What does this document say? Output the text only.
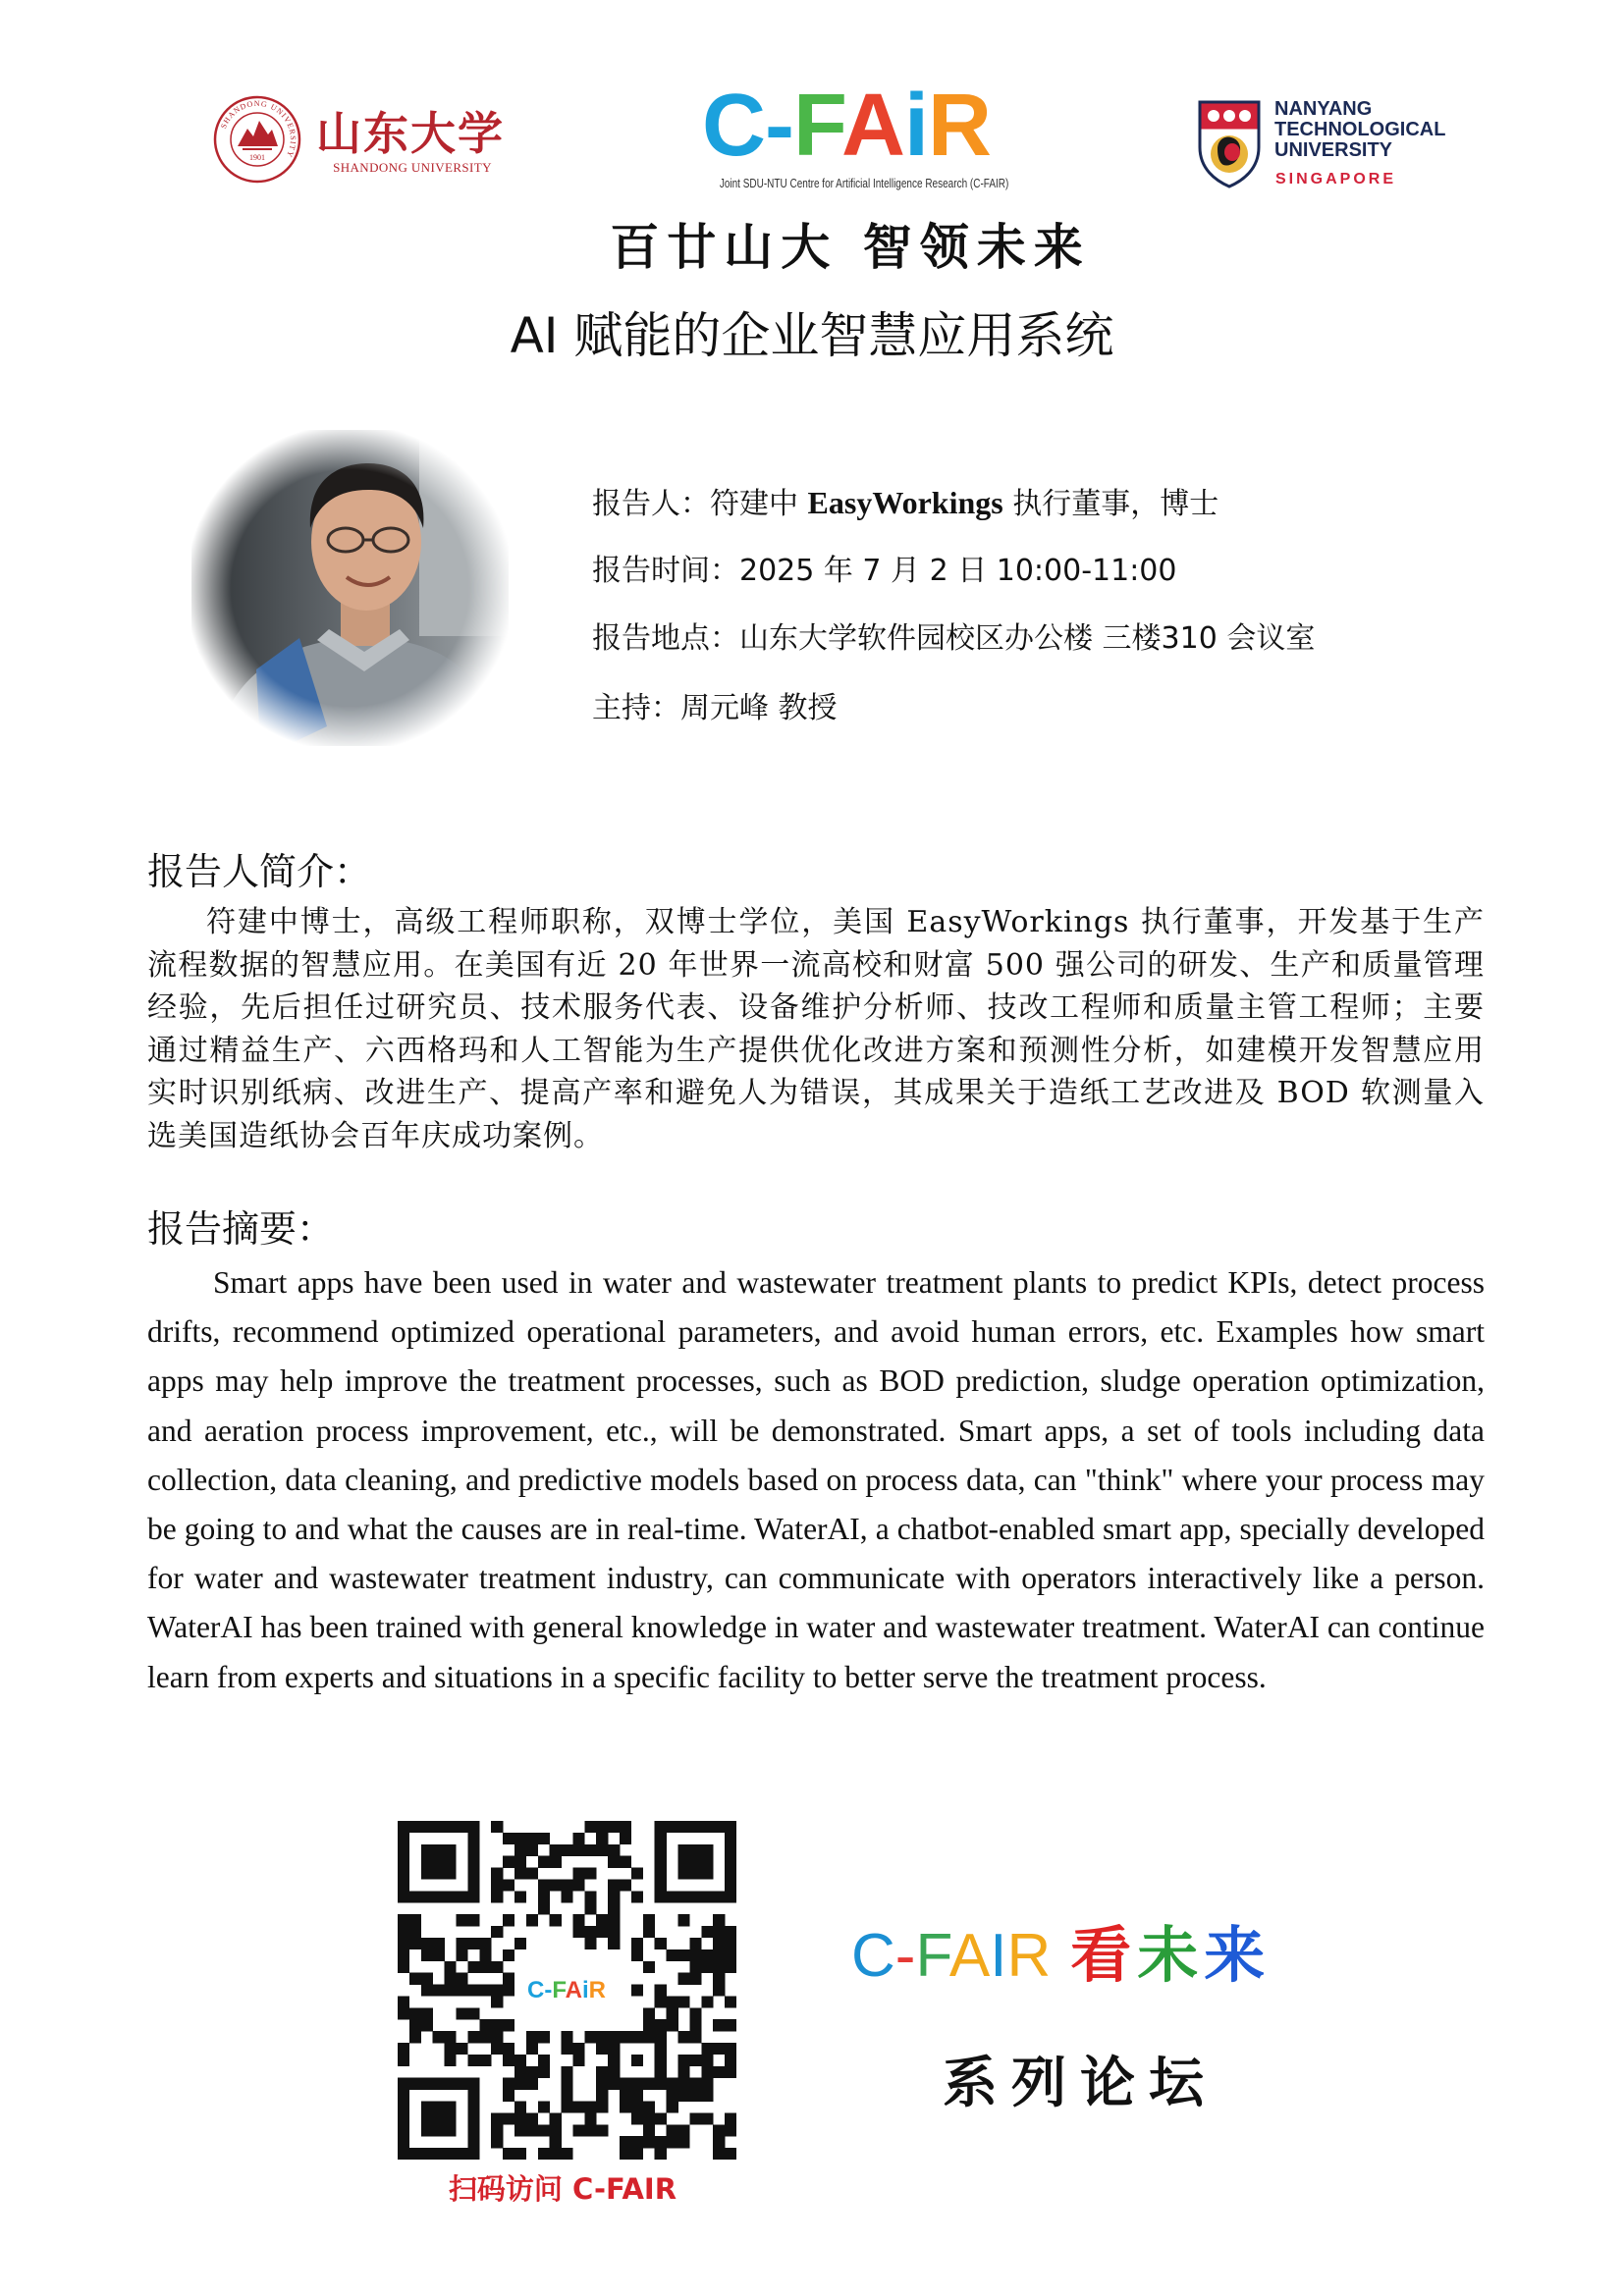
SHANDONG UNIVERSITY
1901 山东大学
SHANDONG UNIVERSITY	C-FAiR
Joint SDU-NTU Centre for Artificial Intelligence Research (C-FAIR)
NANYANG
TECHNOLOGICAL
UNIVERSITY
SINGAPORE
百廿山大 智领未来
AI 赋能的企业智慧应用系统
报告人：符建中 EasyWorkings 执行董事，博士
报告时间：2025 年 7 月 2 日 10:00-11:00
报告地点：山东大学软件园校区办公楼 三楼310 会议室
主持：周元峰 教授
报告人简介：

符建中博士，高级工程师职称，双博士学位，美国 EasyWorkings 执行董事，开发基于生产流程数据的智慧应用。在美国有近 20 年世界一流高校和财富 500 强公司的研发、生产和质量管理经验，先后担任过研究员、技术服务代表、设备维护分析师、技改工程师和质量主管工程师；主要通过精益生产、六西格玛和人工智能为生产提供优化改进方案和预测性分析，如建模开发智慧应用实时识别纸病、改进生产、提高产率和避免人为错误，其成果关于造纸工艺改进及 BOD 软测量入选美国造纸协会百年庆成功案例。

报告摘要：

Smart apps have been used in water and wastewater treatment plants to predict KPIs, detect process drifts, recommend optimized operational parameters, and avoid human errors, etc. Examples how smart apps may help improve the treatment processes, such as BOD prediction, sludge operation optimization, and aeration process improvement, etc., will be demonstrated. Smart apps, a set of tools including data collection, data cleaning, and predictive models based on process data, can "think" where your process may be going to and what the causes are in real-time. WaterAI, a chatbot-enabled smart app, specially developed for water and wastewater treatment industry, can communicate with operators interactively like a person. WaterAI has been trained with general knowledge in water and wastewater treatment. WaterAI can continue learn from experts and situations in a specific facility to better serve the treatment process.

C-FAiR
扫码访问 C-FAIR
C-FAIR 看未来
系列论坛
